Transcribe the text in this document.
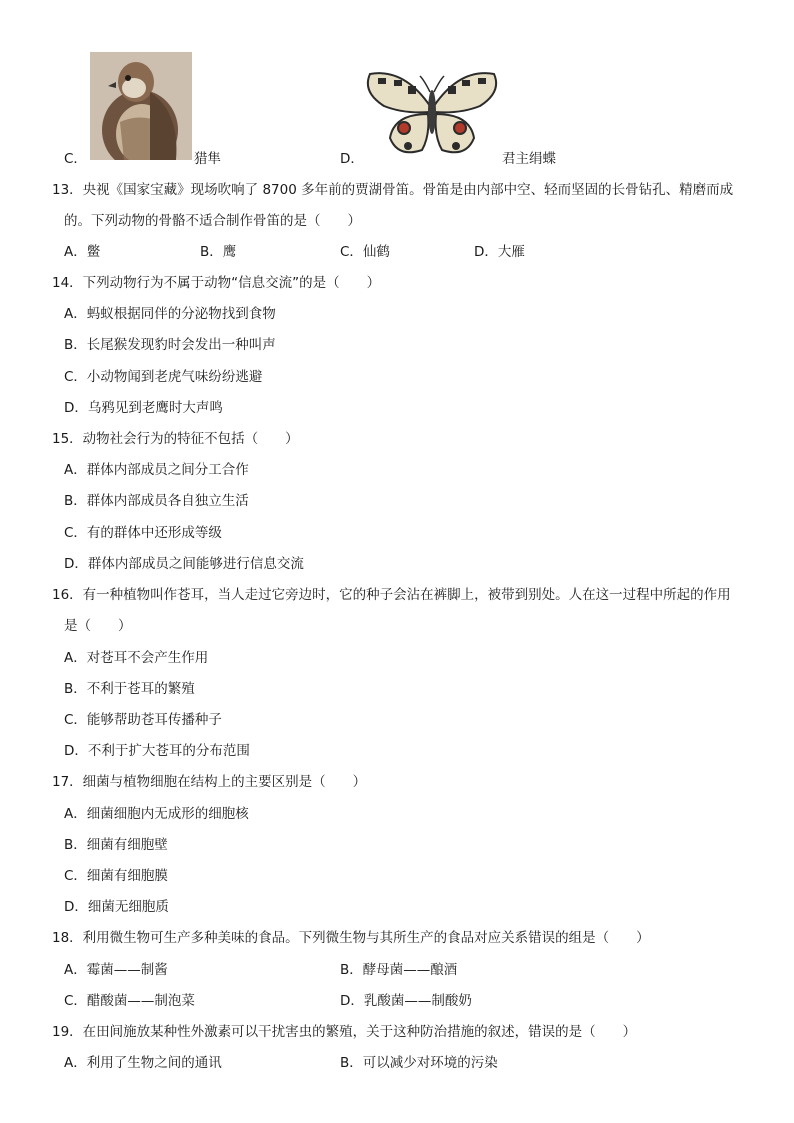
C．	猎隼	D．	君主绢蝶
13．央视《国家宝藏》现场吹响了 8700 多年前的贾湖骨笛。骨笛是由内部中空、轻而坚固的长骨钻孔、精磨而成
的。下列动物的骨骼不适合制作骨笛的是（　　）
A．鳖	B．鹰	C．仙鹤	D．大雁
14．下列动物行为不属于动物“信息交流”的是（　　）
A．蚂蚁根据同伴的分泌物找到食物
B．长尾猴发现豹时会发出一种叫声
C．小动物闻到老虎气味纷纷逃避
D．乌鸦见到老鹰时大声鸣
15．动物社会行为的特征不包括（　　）
A．群体内部成员之间分工合作
B．群体内部成员各自独立生活
C．有的群体中还形成等级
D．群体内部成员之间能够进行信息交流
16．有一种植物叫作苍耳，当人走过它旁边时，它的种子会沾在裤脚上，被带到别处。人在这一过程中所起的作用
是（　　）
A．对苍耳不会产生作用
B．不利于苍耳的繁殖
C．能够帮助苍耳传播种子
D．不利于扩大苍耳的分布范围
17．细菌与植物细胞在结构上的主要区别是（　　）
A．细菌细胞内无成形的细胞核
B．细菌有细胞壁
C．细菌有细胞膜
D．细菌无细胞质
18．利用微生物可生产多种美味的食品。下列微生物与其所生产的食品对应关系错误的组是（　　）
A．霉菌——制酱	B．酵母菌——酿酒
C．醋酸菌——制泡菜	D．乳酸菌——制酸奶
19．在田间施放某种性外激素可以干扰害虫的繁殖，关于这种防治措施的叙述，错误的是（　　）
A．利用了生物之间的通讯	B．可以减少对环境的污染
